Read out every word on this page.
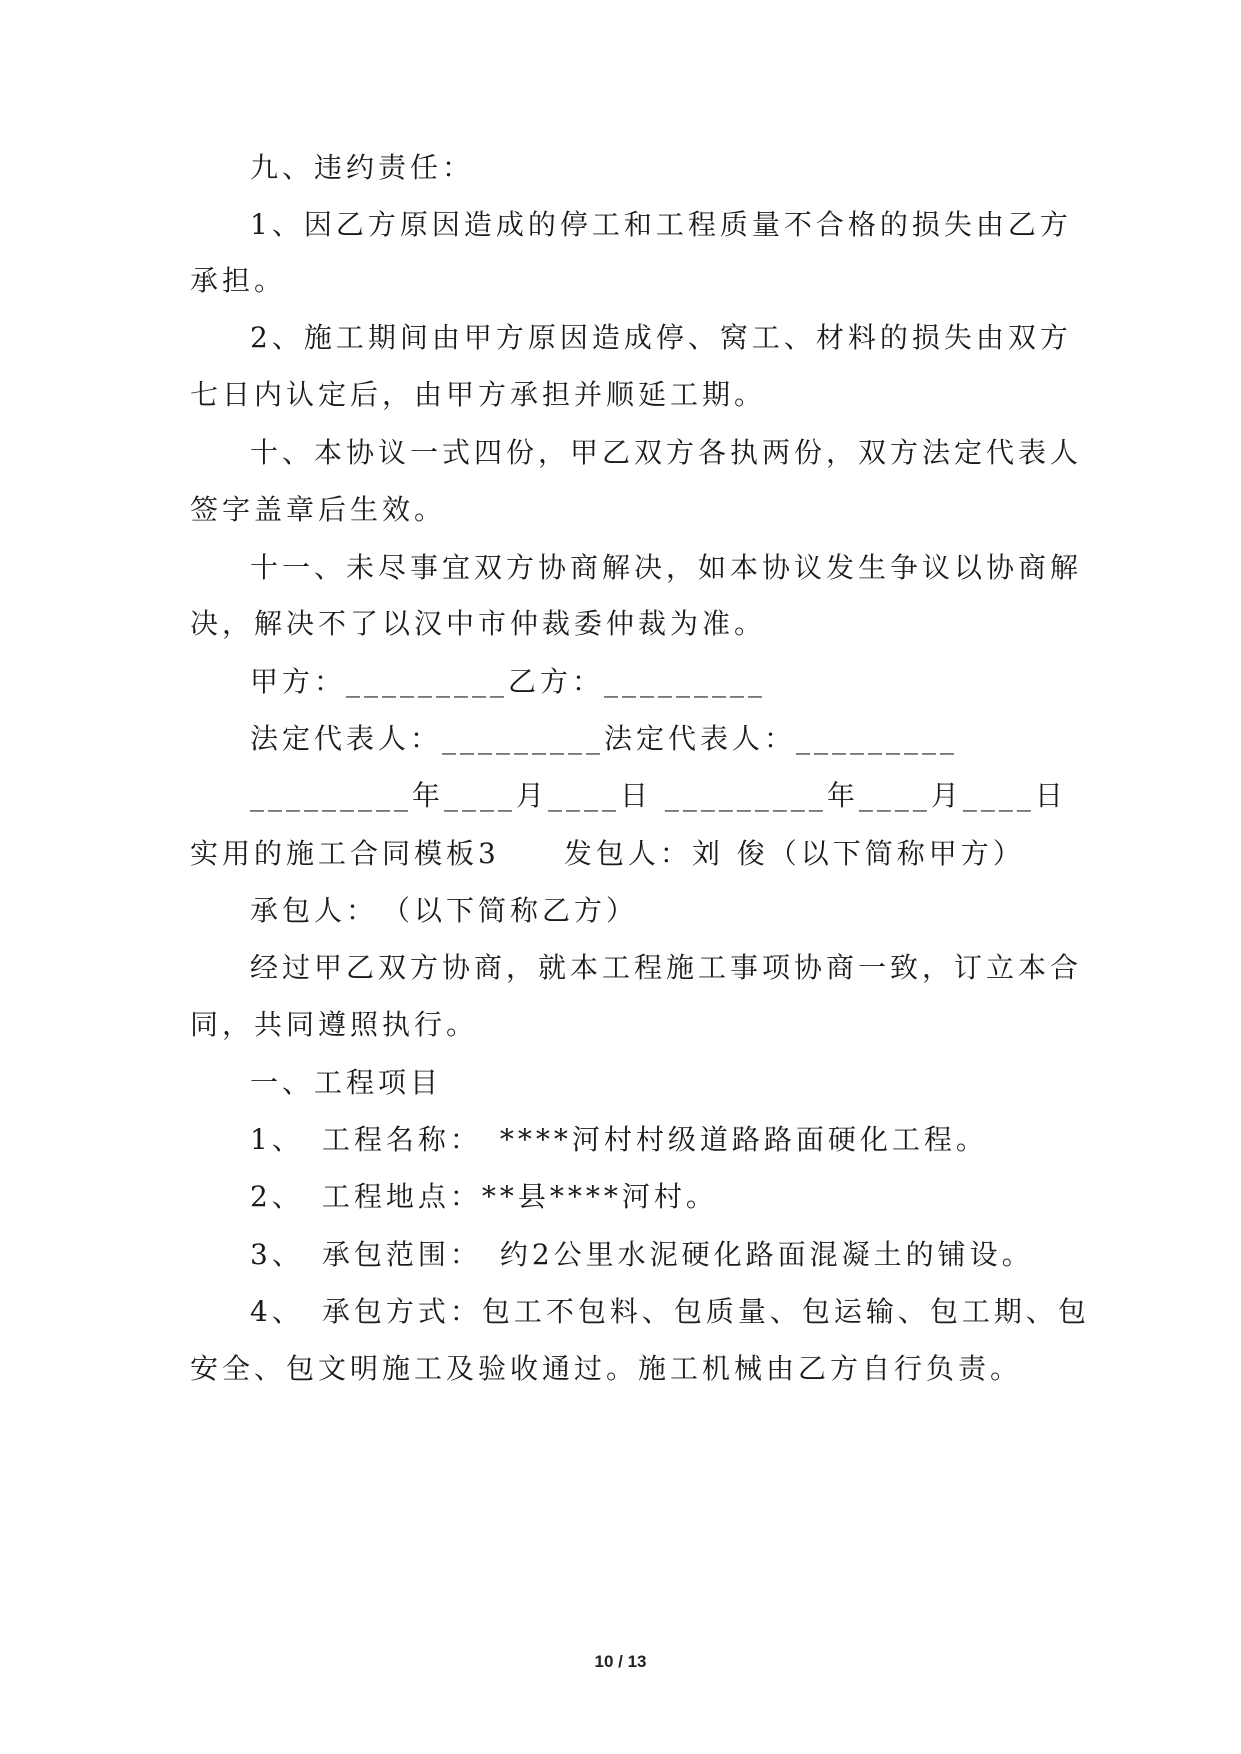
九、违约责任：
1、因乙方原因造成的停工和工程质量不合格的损失由乙方
承担。
2、施工期间由甲方原因造成停、窝工、材料的损失由双方
七日内认定后，由甲方承担并顺延工期。
十、本协议一式四份，甲乙双方各执两份，双方法定代表人
签字盖章后生效。
十一、未尽事宜双方协商解决，如本协议发生争议以协商解
决，解决不了以汉中市仲裁委仲裁为准。
甲方：_________乙方：_________
法定代表人：_________法定代表人：_________
_________年____月____日 _________年____月____日
实用的施工合同模板3　　发包人：刘 俊（以下简称甲方）
承包人：　（以下简称乙方）
经过甲乙双方协商，就本工程施工事项协商一致，订立本合
同，共同遵照执行。
一、工程项目
1、　工程名称：　****河村村级道路路面硬化工程。
2、　工程地点：**县****河村。
3、　承包范围：　约2公里水泥硬化路面混凝土的铺设。
4、　承包方式：包工不包料、包质量、包运输、包工期、包
安全、包文明施工及验收通过。施工机械由乙方自行负责。
10 / 13
